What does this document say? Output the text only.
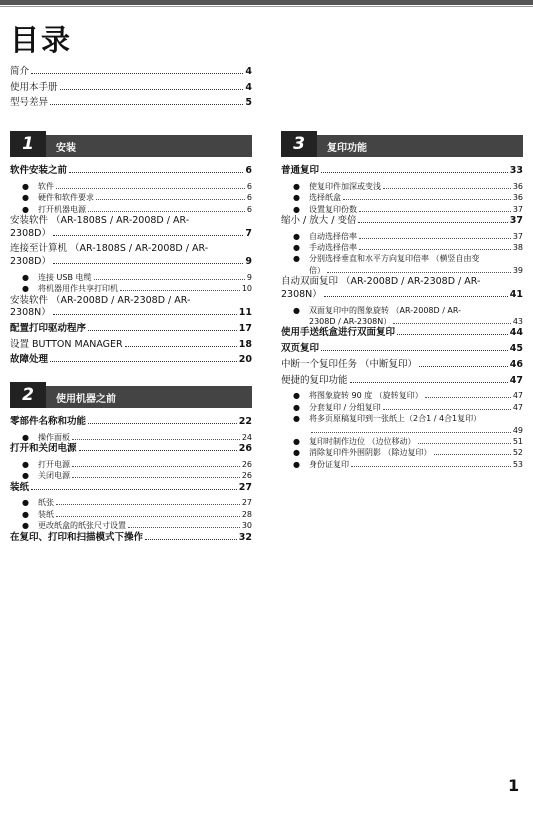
目录
简介	4
使用本手册	4
型号差异	5
1	安装
软件安装之前	6
● 软件	6
● 硬件和软件要求	6
● 打开机器电源	6
安装软件 （AR-1808S / AR-2008D / AR-
2308D）	7
连接至计算机 （AR-1808S / AR-2008D / AR-
2308D）	9
● 连接 USB 电缆	9
● 将机器用作共享打印机	10
安装软件 （AR-2008D / AR-2308D / AR-
2308N）	11
配置打印驱动程序	17
设置 BUTTON MANAGER	18
故障处理	20
2	使用机器之前
零部件名称和功能	22
● 操作面板	24
打开和关闭电源	26
● 打开电源	26
● 关闭电源	26
装纸	27
● 纸张	27
● 装纸	28
● 更改纸盒的纸张尺寸设置	30
在复印、打印和扫描模式下操作	32
3	复印功能
普通复印	33
● 使复印件加深或变浅	36
● 选择纸盒	36
● 设置复印份数	37
缩小 / 放大 / 变倍	37
● 自动选择倍率	37
● 手动选择倍率	38
● 分别选择垂直和水平方向复印倍率 （横竖自由变
倍）	39
自动双面复印 （AR-2008D / AR-2308D / AR-
2308N）	41
● 双面复印中的图象旋转 （AR-2008D / AR-
2308D / AR-2308N）	43
使用手送纸盒进行双面复印	44
双页复印	45
中断一个复印任务 （中断复印）	46
便捷的复印功能	47
● 将图象旋转 90 度 （旋转复印）	47
● 分套复印 / 分组复印	47
● 将多页原稿复印到一张纸上（2合1 / 4合1复印）
49
● 复印时制作边位 （边位移动）	51
● 消除复印件外围阴影 （除边复印）	52
● 身份证复印	53
1
